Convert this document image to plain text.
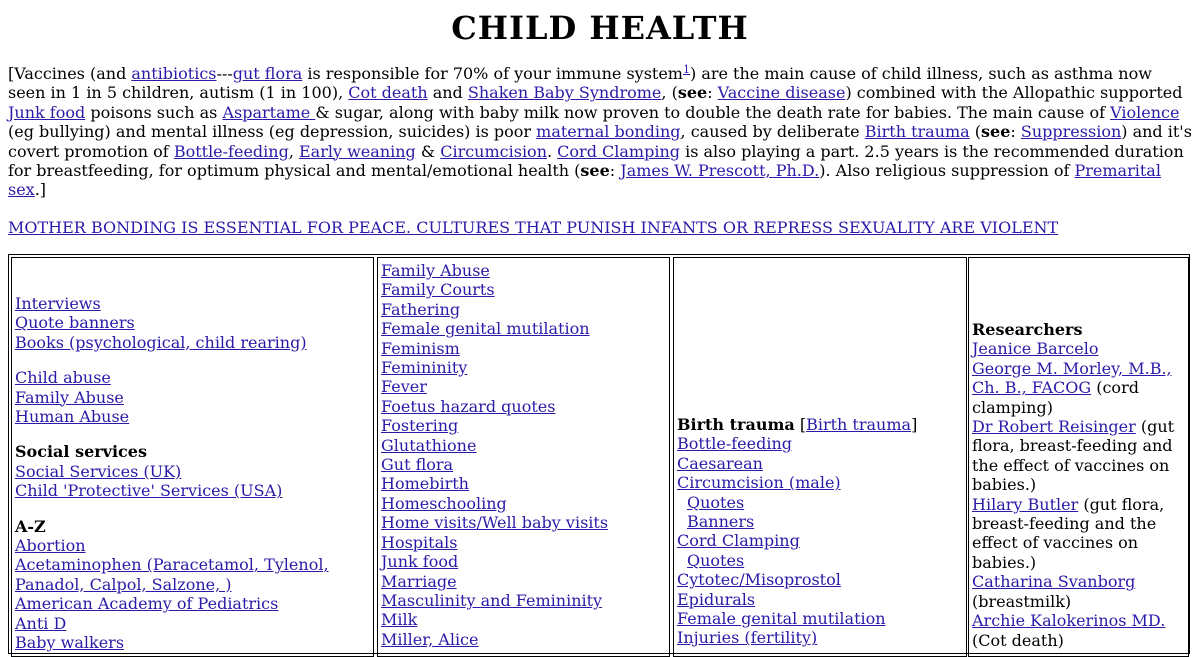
CHILD HEALTH
[Vaccines (and antibiotics---gut flora is responsible for 70% of your immune system$^1$) are the main cause of child illness, such as asthma now seen in 1 in 5 children, autism (1 in 100), Cot death and Shaken Baby Syndrome, (see: Vaccine disease) combined with the Allopathic supported Junk food poisons such as Aspartame & sugar, along with baby milk now proven to double the death rate for babies. The main cause of Violence (eg bullying) and mental illness (eg depression, suicides) is poor maternal bonding, caused by deliberate Birth trauma (see: Suppression) and it's covert promotion of Bottle-feeding, Early weaning & Circumcision. Cord Clamping is also playing a part. 2.5 years is the recommended duration for breastfeeding, for optimum physical and mental/emotional health (see: James W. Prescott, Ph.D.). Also religious suppression of Premarital sex.]
MOTHER BONDING IS ESSENTIAL FOR PEACE. CULTURES THAT PUNISH INFANTS OR REPRESS SEXUALITY ARE VIOLENT
Interviews
Quote banners
Books (psychological, child rearing)
Child abuse
Family Abuse
Human Abuse
Social services
Social Services (UK)
Child 'Protective' Services (USA)
A-Z
Abortion
Acetaminophen (Paracetamol, Tylenol, Panadol, Calpol, Salzone, )
American Academy of Pediatrics
Anti D
Baby walkers
Family Abuse
Family Courts
Fathering
Female genital mutilation
Feminism
Femininity
Fever
Foetus hazard quotes
Fostering
Glutathione
Gut flora
Homebirth
Homeschooling
Home visits/Well baby visits
Hospitals
Junk food
Marriage
Masculinity and Femininity
Milk
Miller, Alice
Birth trauma [Birth trauma]
Bottle-feeding
Caesarean
Circumcision (male)
Quotes
Banners
Cord Clamping
Quotes
Cytotec/Misoprostol
Epidurals
Female genital mutilation
Injuries (fertility)
Researchers
Jeanice Barcelo
George M. Morley, M.B., Ch. B., FACOG (cord clamping)
Dr Robert Reisinger (gut flora, breast-feeding and the effect of vaccines on babies.)
Hilary Butler (gut flora, breast-feeding and the effect of vaccines on babies.)
Catharina Svanborg (breastmilk)
Archie Kalokerinos MD. (Cot death)
